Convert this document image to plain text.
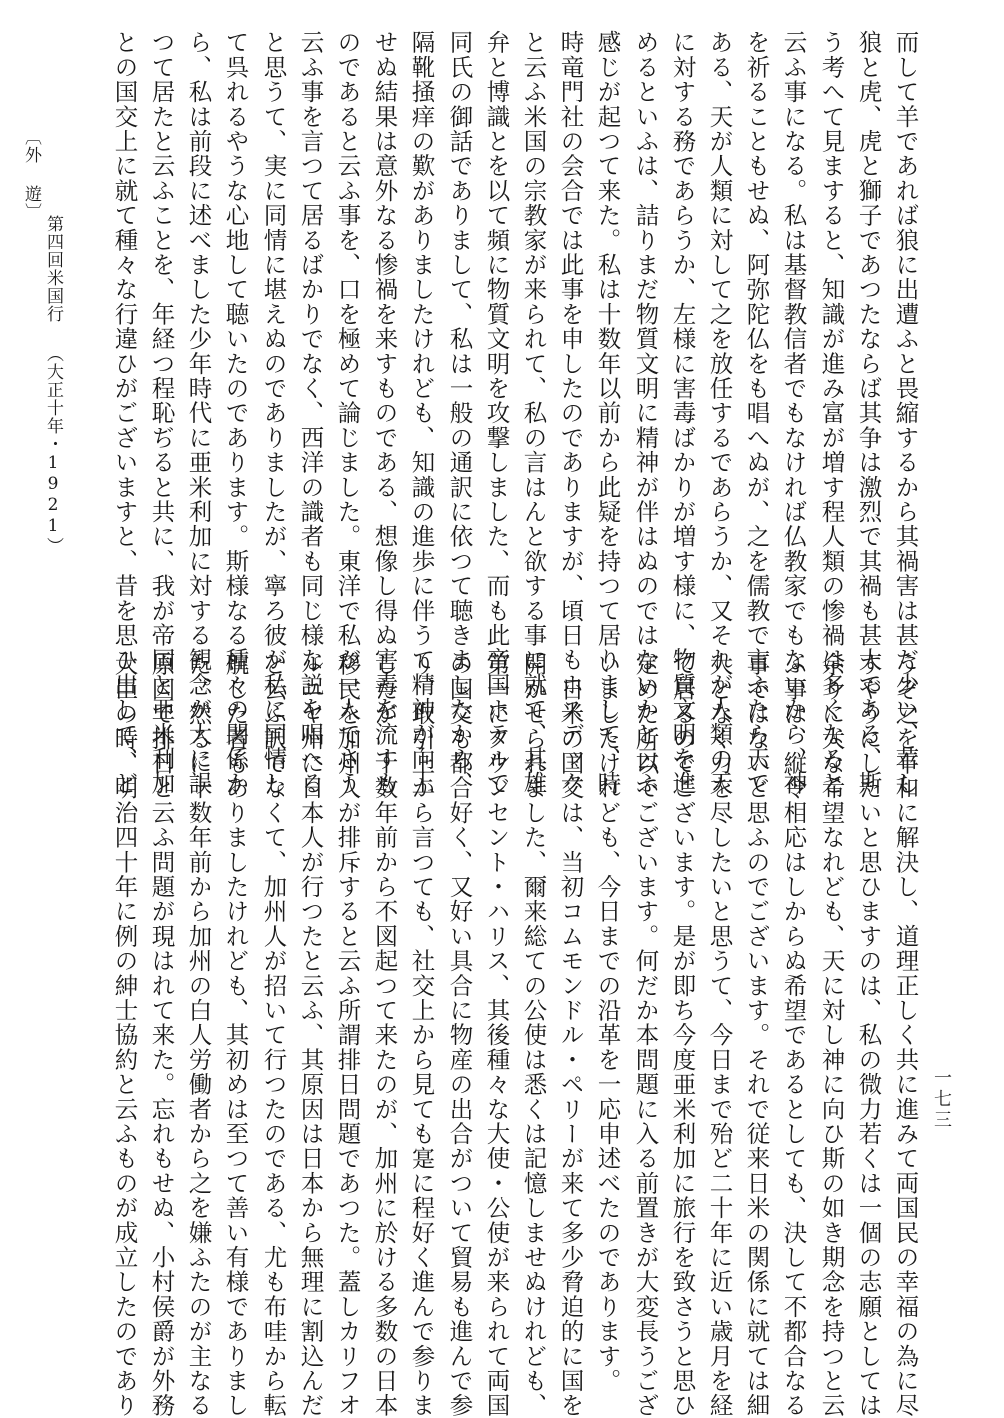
而して羊であれば狼に出遭ふと畏縮するから其禍害は甚だ少い、若し
狼と虎、虎と獅子であつたならば其争は激烈で其禍も甚大である、斯
う考へて見ますると、知識が進み富が増す程人類の惨禍は多くなると
云ふ事になる。私は基督教信者でもなければ仏教家でもないから、神
を祈ることもせぬ、阿弥陀仏をも唱へぬが、之を儒教で言ふたら天で
ある、天が人類に対して之を放任するであらうか、又それが人類の天
に対する務であらうか、左様に害毒ばかりが増す様に、物質文明を進
めるといふは、詰りまだ物質文明に精神が伴はぬのではないかと云ふ
感じが起つて来た。私は十数年以前から此疑を持つて居りまして、時
時竜門社の会合では此事を申したのでありますが、頃日もホスデック
と云ふ米国の宗教家が来られて、私の言はんと欲する事に就て、其雄
弁と博識とを以て頻に物質文明を攻撃しました、而も此帝国ホテルで
同氏の御話でありまして、私は一般の通訳に依つて聴きましたから、
隔靴掻痒の歎がありましたけれども、知識の進歩に伴うて精神が向上
せぬ結果は意外なる惨禍を来すものである、想像し得ぬ害毒を流すも
のであると云ふ事を、口を極めて論じました。東洋で私が一人でさう
云ふ事を言つて居るばかりでなく、西洋の識者も同じ様な説を唱へる
と思うて、実に同情に堪えぬのでありましたが、寧ろ彼が私に同情し
て呉れるやうな心地して聴いたのであります。斯様なる種々の関係か
ら、私は前段に述べました少年時代に亜米利加に対する観念が大に誤
つて居たと云ふことを、年経つ程恥ぢると共に、我が帝国と亜米利加
との国交上に就て種々な行違ひがございますと、昔を思ひ出して、ど
うぞ之を平和に解決し、道理正しく共に進みて両国民の幸福の為に尽
すやうにしたいと思ひますのは、私の微力若くは一個の志願としては
余りに大な希望なれども、天に対し神に向ひ斯の如き期念を持つと云
ふ事は、縦令相応はしからぬ希望であるとしても、決して不都合なる
事ではないと思ふのでございます。それで従来日米の関係に就ては細
大となく力を尽したいと思うて、今日まで殆ど二十年に近い歳月を経
て居るのでございます。是が即ち今度亜米利加に旅行を致さうと思ひ
定めた所以でございます。何だか本問題に入る前置きが大変長うござ
いましたけれども、今日までの沿革を一応申述べたのであります。
　日米の国交は、当初コムモンドル・ペリーが来て多少脅迫的に国を
開かせられました、爾来総ての公使は悉くは記憶しませぬけれども、
第一にタウンセント・ハリス、其後種々な大使・公使が来られて両国
の国交も都合好く、又好い具合に物産の出合がついて貿易も進んで参
り、取引上から言つても、社交上から見ても寔に程好く進んで参りま
したが、十数年前から不図起つて来たのが、加州に於ける多数の日本
移民を加州人が排斥すると云ふ所謂排日問題であつた。蓋しカリフオ
ルニヤ州に日本人が行つたと云ふ、其原因は日本から無理に割込んだ
と云ふ訳でなくて、加州人が招いて行つたのである、尤も布哇から転
航した者もありましたけれども、其初めは至つて善い有様でありまし
た。然るに十数年前から加州の白人労働者から之を嫌ふたのが主なる
原因で排日と云ふ問題が現はれて来た。忘れもせぬ、小村侯爵が外務
大臣の時、明治四十年に例の紳士協約と云ふものが成立したのであり
〔外 遊〕
第四回米国行
（大正十年・1921）
一七三
